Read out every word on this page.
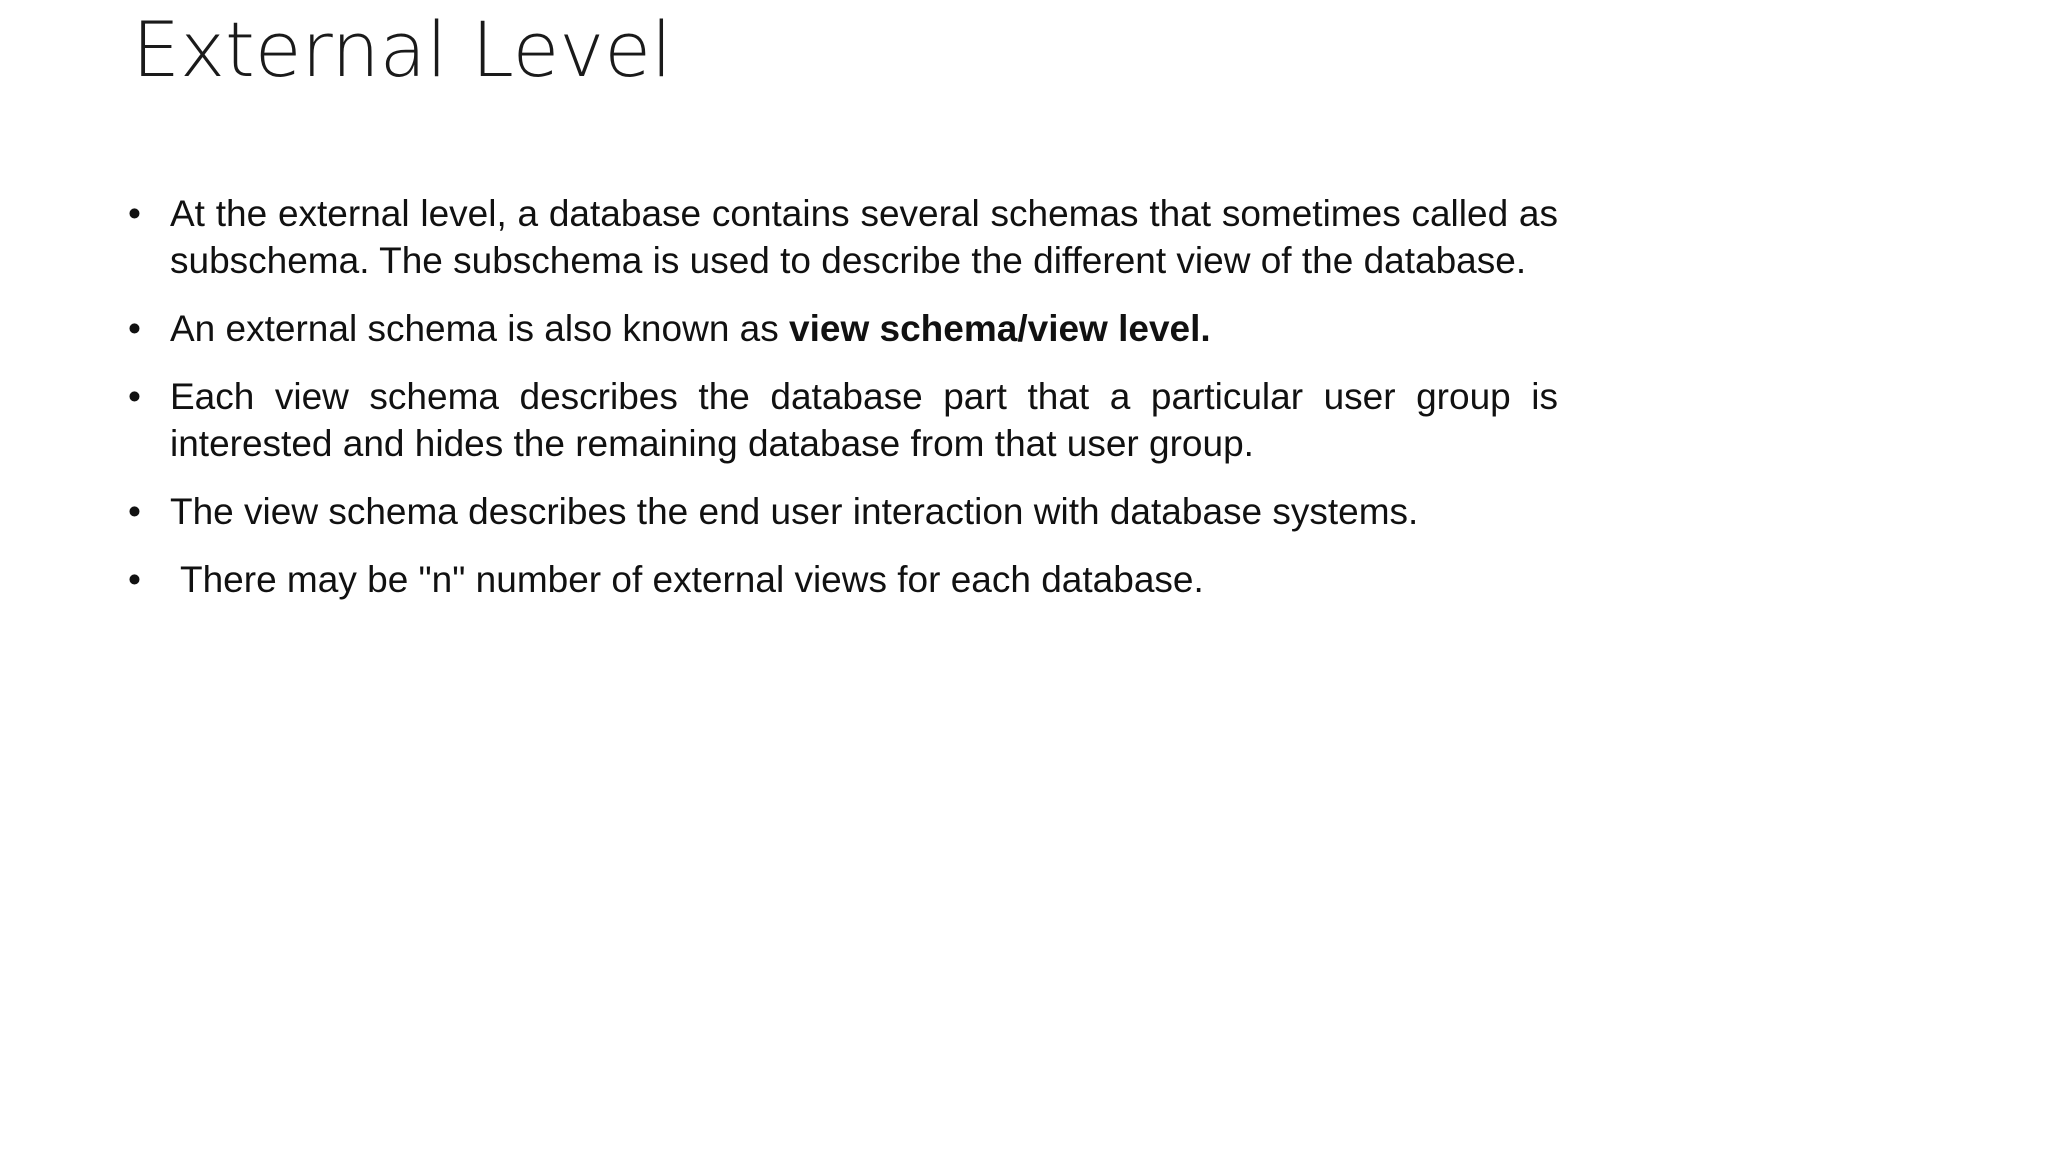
External Level
• At the external level, a database contains several schemas that sometimes called as subschema. The subschema is used to describe the different view of the database.
• An external schema is also known as view schema/view level.
• Each view schema describes the database part that a particular user group is interested and hides the remaining database from that user group.
• The view schema describes the end user interaction with database systems.
• There may be "n" number of external views for each database.
